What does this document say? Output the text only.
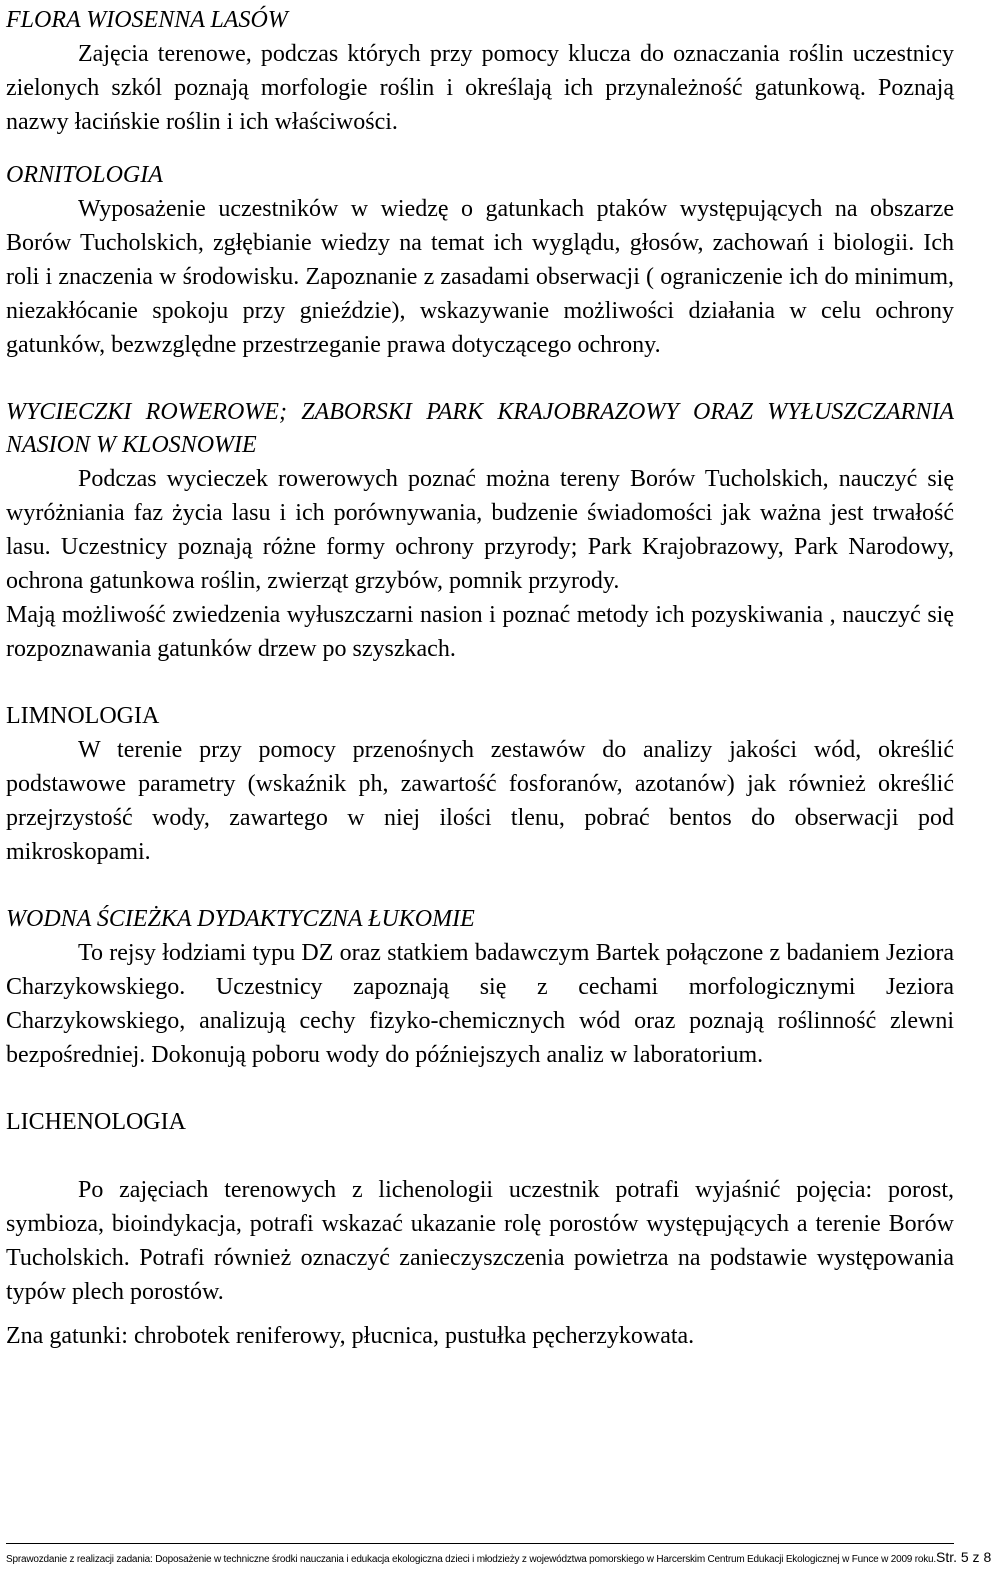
FLORA WIOSENNA LASÓW

Zajęcia terenowe, podczas których przy pomocy klucza do oznaczania roślin uczestnicy zielonych szkól poznają morfologie roślin i określają ich przynależność gatunkową. Poznają nazwy łacińskie roślin i ich właściwości.

ORNITOLOGIA

Wyposażenie uczestników w wiedzę o gatunkach ptaków występujących na obszarze Borów Tucholskich, zgłębianie wiedzy na temat ich wyglądu, głosów, zachowań i biologii. Ich roli i znaczenia w środowisku. Zapoznanie z zasadami obserwacji ( ograniczenie ich do minimum, niezakłócanie spokoju przy gnieździe), wskazywanie możliwości działania w celu ochrony gatunków, bezwzględne przestrzeganie prawa dotyczącego ochrony.

WYCIECZKI ROWEROWE; ZABORSKI PARK KRAJOBRAZOWY ORAZ WYŁUSZCZARNIA NASION W KLOSNOWIE

Podczas wycieczek rowerowych poznać można tereny Borów Tucholskich, nauczyć się wyróżniania faz życia lasu i ich porównywania, budzenie świadomości jak ważna jest trwałość lasu. Uczestnicy poznają różne formy ochrony przyrody; Park Krajobrazowy, Park Narodowy, ochrona gatunkowa roślin, zwierząt grzybów, pomnik przyrody.

Mają możliwość zwiedzenia wyłuszczarni nasion i poznać metody ich pozyskiwania , nauczyć się rozpoznawania gatunków drzew po szyszkach.

LIMNOLOGIA

W terenie przy pomocy przenośnych zestawów do analizy jakości wód, określić podstawowe parametry (wskaźnik ph, zawartość fosforanów, azotanów) jak również określić przejrzystość wody, zawartego w niej ilości tlenu, pobrać bentos do obserwacji pod mikroskopami.

WODNA ŚCIEŻKA DYDAKTYCZNA ŁUKOMIE

To rejsy łodziami typu DZ oraz statkiem badawczym Bartek połączone z badaniem Jeziora Charzykowskiego. Uczestnicy zapoznają się z cechami morfologicznymi Jeziora Charzykowskiego, analizują cechy fizyko-chemicznych wód oraz poznają roślinność zlewni bezpośredniej. Dokonują poboru wody do późniejszych analiz w laboratorium.

LICHENOLOGIA

Po zajęciach terenowych z lichenologii uczestnik potrafi wyjaśnić pojęcia: porost, symbioza, bioindykacja, potrafi wskazać ukazanie rolę porostów występujących a terenie Borów Tucholskich. Potrafi również oznaczyć zanieczyszczenia powietrza na podstawie występowania typów plech porostów.

Zna gatunki: chrobotek reniferowy, płucnica, pustułka pęcherzykowata.

Sprawozdanie z realizacji zadania: Doposażenie w techniczne środki nauczania i edukacja ekologiczna dzieci i młodzieży z województwa pomorskiego w Harcerskim Centrum Edukacji Ekologicznej w Funce w 2009 roku. Str. 5 z 8
